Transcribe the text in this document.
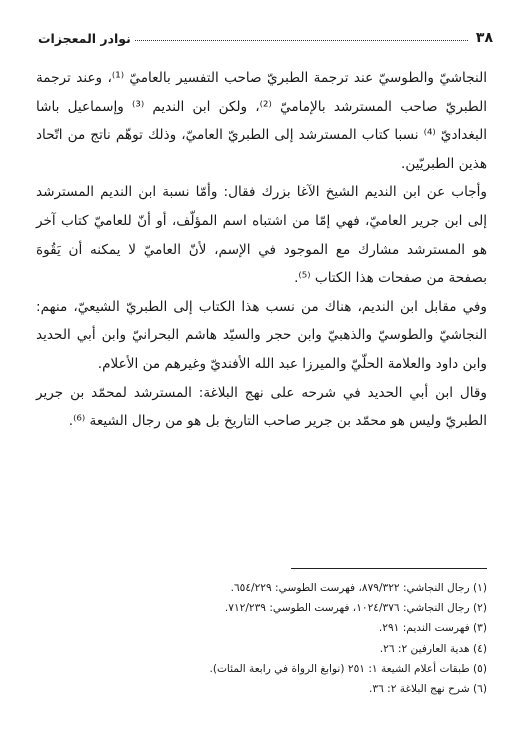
٣٨
نوادر المعجزات

النجاشيّ والطوسيّ عند ترجمة الطبريّ صاحب التفسير بالعاميّ ⁽¹⁾، وعند ترجمة الطبريّ صاحب المسترشد بالإماميّ ⁽²⁾، ولكن ابن النديم ⁽³⁾ وإسماعيل باشا البغداديّ ⁽⁴⁾ نسبا كتاب المسترشد إلى الطبريّ العاميّ، وذلك توهّم ناتج من اتّحاد هذين الطبريّين.

وأجاب عن ابن النديم الشيخ الآغا بزرك فقال: وأمّا نسبة ابن النديم المسترشد إلى ابن جرير العاميّ، فهي إمّا من اشتباه اسم المؤلّف، أو أنّ للعاميّ كتاب آخر هو المسترشد مشارك مع الموجود في الإسم، لأنّ العاميّ لا يمكنه أن يَقُوهَ بصفحة من صفحات هذا الكتاب ⁽⁵⁾.

وفي مقابل ابن النديم، هناك من نسب هذا الكتاب إلى الطبريّ الشيعيّ، منهم: النجاشيّ والطوسيّ والذهبيّ وابن حجر والسيّد هاشم البحرانيّ وابن أبي الحديد وابن داود والعلامة الحلّيّ والميرزا عبد الله الأفنديّ وغيرهم من الأعلام.

وقال ابن أبي الحديد في شرحه على نهج البلاغة: المسترشد لمحمّد بن جرير الطبريّ وليس هو محمّد بن جرير صاحب التاريخ بل هو من رجال الشيعة ⁽⁶⁾.

(١) رجال النجاشي: ٨٧٩/٣٢٢، فهرست الطوسي: ٦٥٤/٢٢٩.
(٢) رجال النجاشي: ١٠٢٤/٣٧٦، فهرست الطوسي: ٧١٢/٢٣٩.
(٣) فهرست النديم: ٢٩١.
(٤) هدية العارفين ٢: ٢٦.
(٥) طبقات أعلام الشيعة ١: ٢٥١ (نوابغ الرواة في رابعة المئات).
(٦) شرح نهج البلاغة ٢: ٣٦.
